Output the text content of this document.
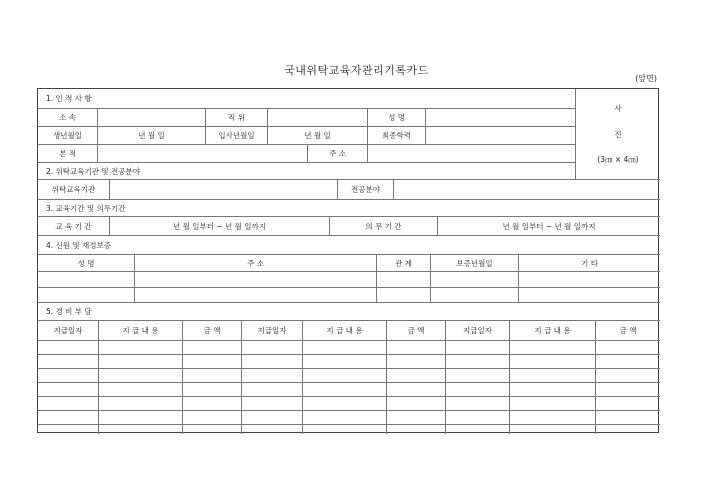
국내위탁교육자관리기록카드
(앞면)
1. 인 적 사 항
사
진
(3㎝ × 4㎝)
소 속	직 위	성 명
생년월일	년 월 일	입사년월일	년 월 일	최종학력
본 적	주 소
2. 위탁교육기관 및 전공분야
위탁교육기관	전공분야
3. 교육기간 및 의무기간
교 육 기 간	년 월 일부터 ~ 년 월 일까지	의 무 기 간	년 월 일부터 ~ 년 월 일까지
4. 신원 및 재정보증
5. 경 비 부 담
성 명	주 소	관 계	보증년월일	기 타
지급일자	지 급 내 용	금 액	지급일자	지 급 내 용	금 액	지급일자	지 급 내 용	금 액
